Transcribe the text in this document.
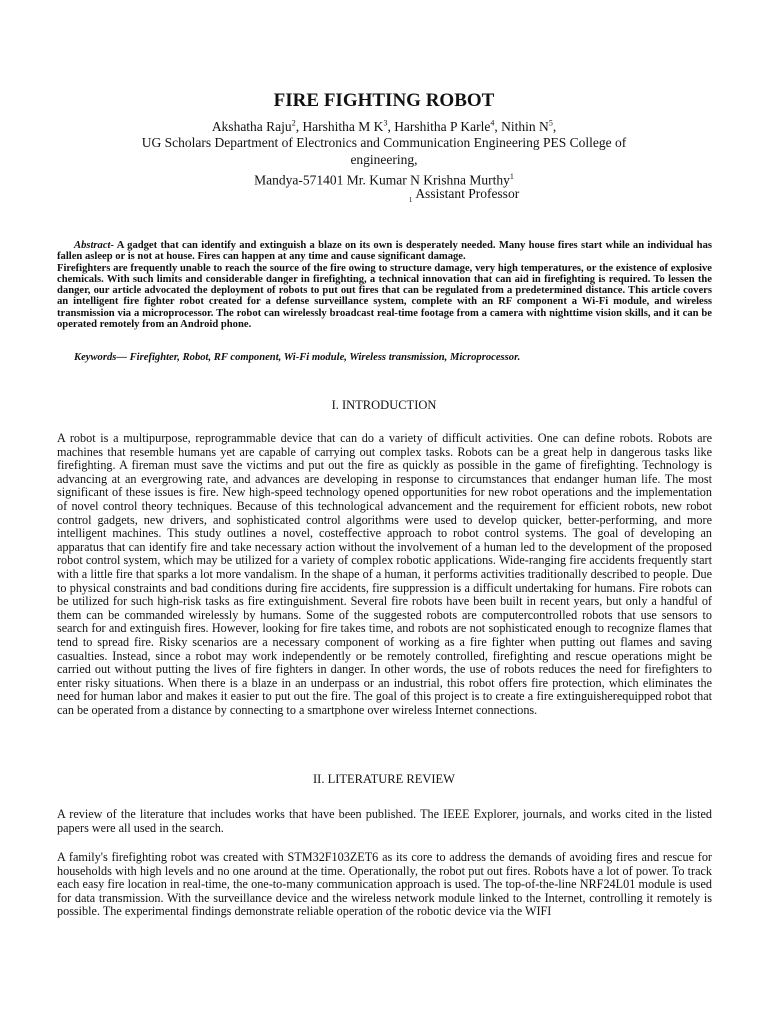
FIRE FIGHTING ROBOT
Akshatha Raju$^2$, Harshitha M $K^3$, Harshitha P Karle$^4$, Nithin $N^5$,
UG Scholars Department of Electronics and Communication Engineering PES College of engineering,
Mandya-571401 Mr. Kumar N Krishna Murthy$^1$
$_1$ Assistant Professor

Abstract- A gadget that can identify and extinguish a blaze on its own is desperately needed. Many house fires start while an individual has fallen asleep or is not at house. Fires can happen at any time and cause significant damage.

Firefighters are frequently unable to reach the source of the fire owing to structure damage, very high temperatures, or the existence of explosive chemicals. With such limits and considerable danger in firefighting, a technical innovation that can aid in firefighting is required. To lessen the danger, our article advocated the deployment of robots to put out fires that can be regulated from a predetermined distance. This article covers an intelligent fire fighter robot created for a defense surveillance system, complete with an RF component a Wi-Fi module, and wireless transmission via a microprocessor. The robot can wirelessly broadcast real-time footage from a camera with nighttime vision skills, and it can be operated remotely from an Android phone.

Keywords— Firefighter, Robot, RF component, Wi-Fi module, Wireless transmission, Microprocessor.
I. INTRODUCTION

A robot is a multipurpose, reprogrammable device that can do a variety of difficult activities. One can define robots. Robots are machines that resemble humans yet are capable of carrying out complex tasks. Robots can be a great help in dangerous tasks like firefighting. A fireman must save the victims and put out the fire as quickly as possible in the game of firefighting. Technology is advancing at an evergrowing rate, and advances are developing in response to circumstances that endanger human life. The most significant of these issues is fire. New high-speed technology opened opportunities for new robot operations and the implementation of novel control theory techniques. Because of this technological advancement and the requirement for efficient robots, new robot control gadgets, new drivers, and sophisticated control algorithms were used to develop quicker, better-performing, and more intelligent machines. This study outlines a novel, costeffective approach to robot control systems. The goal of developing an apparatus that can identify fire and take necessary action without the involvement of a human led to the development of the proposed robot control system, which may be utilized for a variety of complex robotic applications. Wide-ranging fire accidents frequently start with a little fire that sparks a lot more vandalism. In the shape of a human, it performs activities traditionally described to people. Due to physical constraints and bad conditions during fire accidents, fire suppression is a difficult undertaking for humans. Fire robots can be utilized for such high-risk tasks as fire extinguishment. Several fire robots have been built in recent years, but only a handful of them can be commanded wirelessly by humans. Some of the suggested robots are computercontrolled robots that use sensors to search for and extinguish fires. However, looking for fire takes time, and robots are not sophisticated enough to recognize flames that tend to spread fire. Risky scenarios are a necessary component of working as a fire fighter when putting out flames and saving casualties. Instead, since a robot may work independently or be remotely controlled, firefighting and rescue operations might be carried out without putting the lives of fire fighters in danger. In other words, the use of robots reduces the need for firefighters to enter risky situations. When there is a blaze in an underpass or an industrial, this robot offers fire protection, which eliminates the need for human labor and makes it easier to put out the fire. The goal of this project is to create a fire extinguisherequipped robot that can be operated from a distance by connecting to a smartphone over wireless Internet connections.

II. LITERATURE REVIEW

A review of the literature that includes works that have been published. The IEEE Explorer, journals, and works cited in the listed papers were all used in the search.

A family's firefighting robot was created with STM32F103ZET6 as its core to address the demands of avoiding fires and rescue for households with high levels and no one around at the time. Operationally, the robot put out fires. Robots have a lot of power. To track each easy fire location in real-time, the one-to-many communication approach is used. The top-of-the-line NRF24L01 module is used for data transmission. With the surveillance device and the wireless network module linked to the Internet, controlling it remotely is possible. The experimental findings demonstrate reliable operation of the robotic device via the WIFI
